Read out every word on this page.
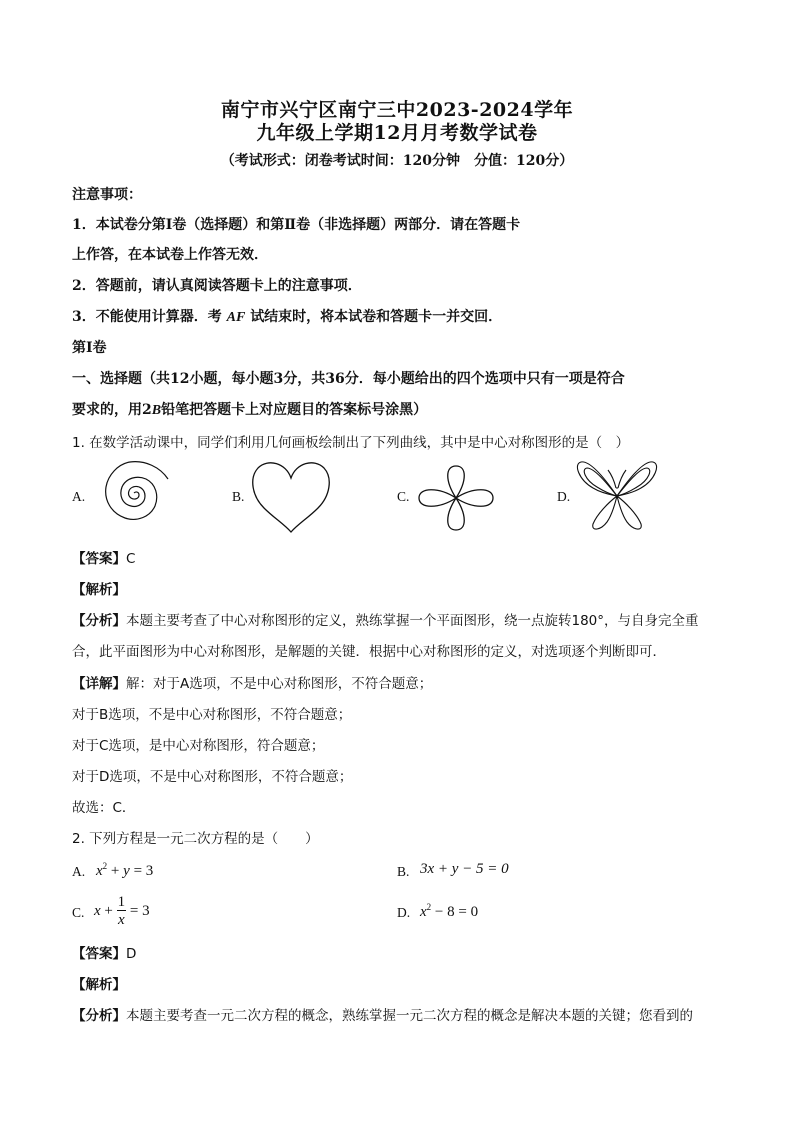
南宁市兴宁区南宁三中2023-2024学年
九年级上学期12月月考数学试卷
（考试形式：闭卷考试时间：120分钟　分值：120分）
注意事项：
1．本试卷分第Ⅰ卷（选择题）和第Ⅱ卷（非选择题）两部分．请在答题卡
上作答，在本试卷上作答无效．
2．答题前，请认真阅读答题卡上的注意事项．
3．不能使用计算器．考 AF 试结束时，将本试卷和答题卡一并交回．
第Ⅰ卷
一、选择题（共12小题，每小题3分，共36分．每小题给出的四个选项中只有一项是符合
要求的，用2B铅笔把答题卡上对应题目的答案标号涂黑）
1. 在数学活动课中，同学们利用几何画板绘制出了下列曲线，其中是中心对称图形的是（　）
A.	B.	C.	D.
【答案】C
【解析】
【分析】本题主要考查了中心对称图形的定义，熟练掌握一个平面图形，绕一点旋转180°，与自身完全重
合，此平面图形为中心对称图形，是解题的关键．根据中心对称图形的定义，对选项逐个判断即可．
【详解】解：对于A选项，不是中心对称图形，不符合题意；
对于B选项，不是中心对称图形，不符合题意；
对于C选项，是中心对称图形，符合题意；
对于D选项，不是中心对称图形，不符合题意；
故选：C．
2. 下列方程是一元二次方程的是（　　）
A. $x^2 + y = 3$	B. 3x + y − 5 = 0
C. $x + \frac{1}{x} = 3$	D. $x^2 - 8 = 0$
【答案】D
【解析】
【分析】本题主要考查一元二次方程的概念，熟练掌握一元二次方程的概念是解决本题的关键；您看到的
